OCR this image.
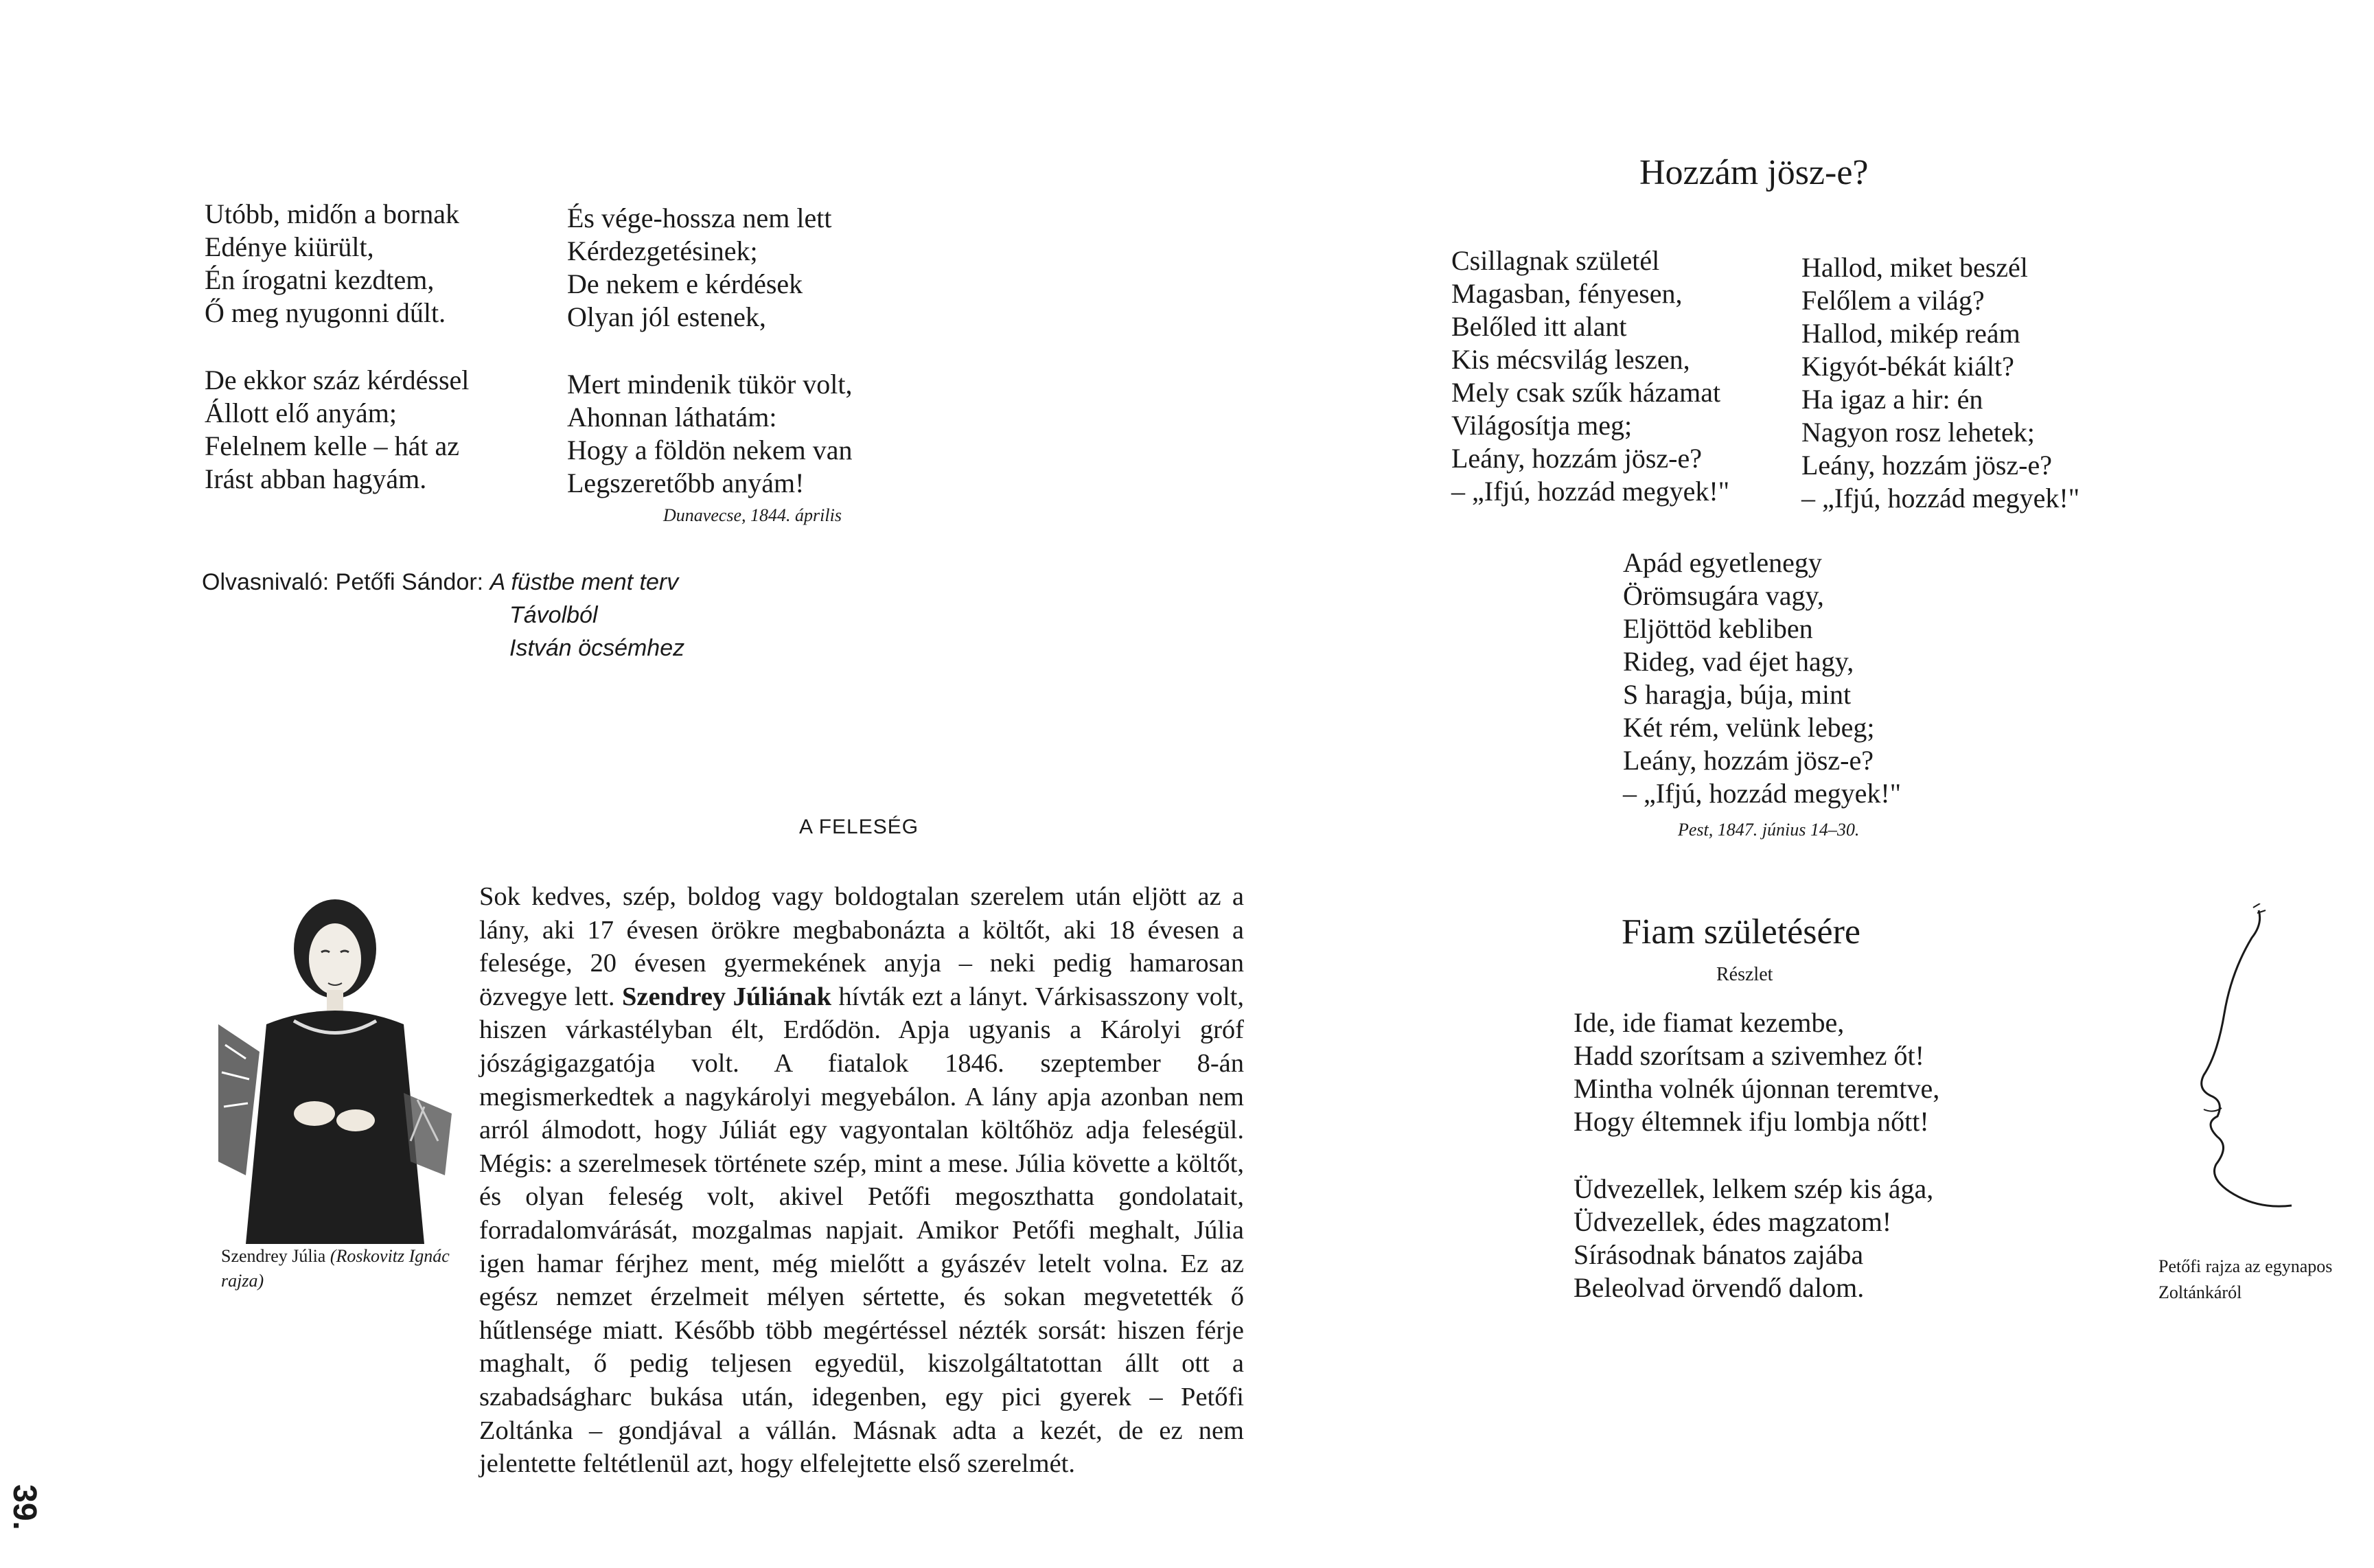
Utóbb, midőn a bornak
Edénye kiürült,
Én írogatni kezdtem,
Ő meg nyugonni dűlt.
De ekkor száz kérdéssel
Állott elő anyám;
Felelnem kelle – hát az
Irást abban hagyám.
És vége-hossza nem lett
Kérdezgetésinek;
De nekem e kérdések
Olyan jól estenek,
Mert mindenik tükör volt,
Ahonnan láthatám:
Hogy a földön nekem van
Legszeretőbb anyám!
Dunavecse, 1844. április
Olvasnivaló: Petőfi Sándor: A füstbe ment terv
Távolból
István öcsémhez
A FELESÉG
Szendrey Júlia (Roskovitz Ignác rajza)
Sok kedves, szép, boldog vagy boldogtalan szerelem után eljött az a lány, aki 17 évesen örökre megbabonázta a költőt, aki 18 évesen a felesége, 20 évesen gyermekének anyja – neki pedig hamarosan özvegye lett. Szendrey Júliának hívták ezt a lányt. Várkisasszony volt, hiszen várkastélyban élt, Erdődön. Apja ugyanis a Károlyi gróf jószágigazgatója volt. A fiatalok 1846. szeptember 8-án megismerkedtek a nagykárolyi megyebálon. A lány apja azonban nem arról álmodott, hogy Júliát egy vagyontalan költőhöz adja feleségül. Mégis: a szerelmesek története szép, mint a mese. Júlia követte a költőt, és olyan feleség volt, akivel Petőfi megoszthatta gondolatait, forradalomvárását, mozgalmas napjait. Amikor Petőfi meghalt, Júlia igen hamar férjhez ment, még mielőtt a gyászév letelt volna. Ez az egész nemzet érzelmeit mélyen sértette, és sokan megvetették ő hűtlensége miatt. Később több megértéssel nézték sorsát: hiszen férje maghalt, ő pedig teljesen egyedül, kiszolgáltatottan állt ott a szabadságharc bukása után, idegenben, egy pici gyerek – Petőfi Zoltánka – gondjával a vállán. Másnak adta a kezét, de ez nem jelentette feltétlenül azt, hogy elfelejtette első szerelmét.
39.
Hozzám jösz-e?
Csillagnak születél
Magasban, fényesen,
Belőled itt alant
Kis mécsvilág leszen,
Mely csak szűk házamat
Világosítja meg;
Leány, hozzám jösz-e?
– „Ifjú, hozzád megyek!"
Hallod, miket beszél
Felőlem a világ?
Hallod, mikép reám
Kigyót-békát kiált?
Ha igaz a hir: én
Nagyon rosz lehetek;
Leány, hozzám jösz-e?
– „Ifjú, hozzád megyek!"
Apád egyetlenegy
Örömsugára vagy,
Eljöttöd kebliben
Rideg, vad éjet hagy,
S haragja, búja, mint
Két rém, velünk lebeg;
Leány, hozzám jösz-e?
– „Ifjú, hozzád megyek!"
Pest, 1847. június 14–30.
Fiam születésére
Részlet
Ide, ide fiamat kezembe,
Hadd szorítsam a szivemhez őt!
Mintha volnék újonnan teremtve,
Hogy éltemnek ifju lombja nőtt!
Üdvezellek, lelkem szép kis ága,
Üdvezellek, édes magzatom!
Sírásodnak bánatos zajába
Beleolvad örvendő dalom.
Petőfi rajza az egynapos
Zoltánkáról
